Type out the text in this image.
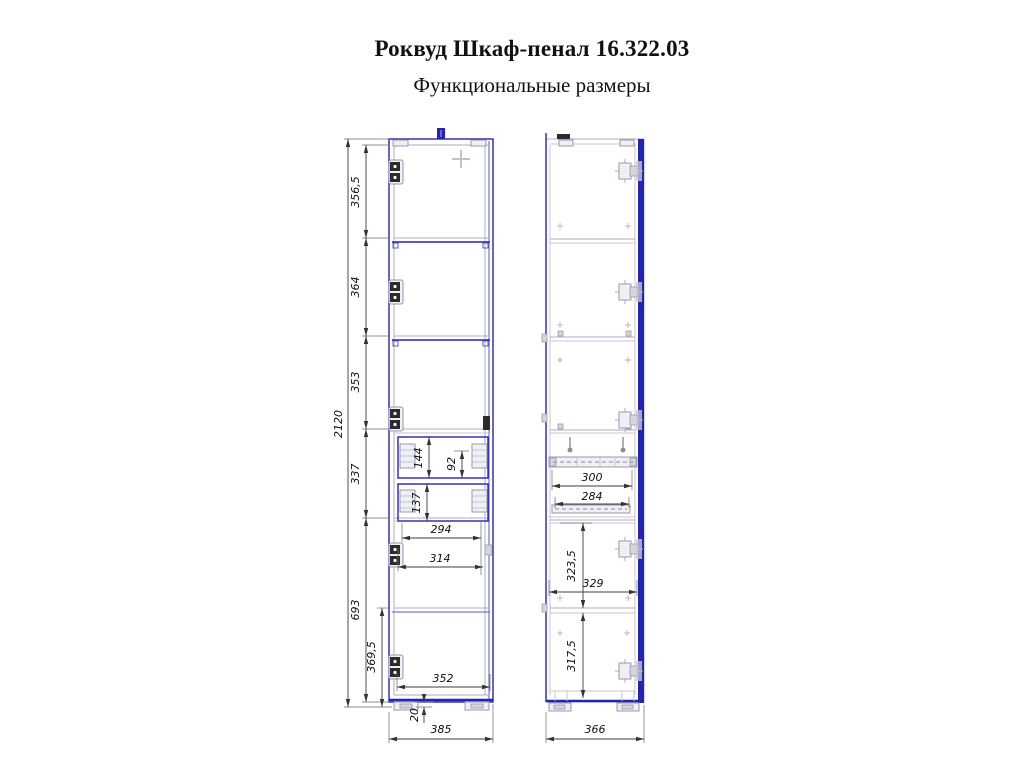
Роквуд Шкаф-пенал 16.322.03
Функциональные размеры
2120
356,5
364
353
337
693
369,5
144 92
137
294
314
352
20
385
300
284
323,5
329
317,5
366
